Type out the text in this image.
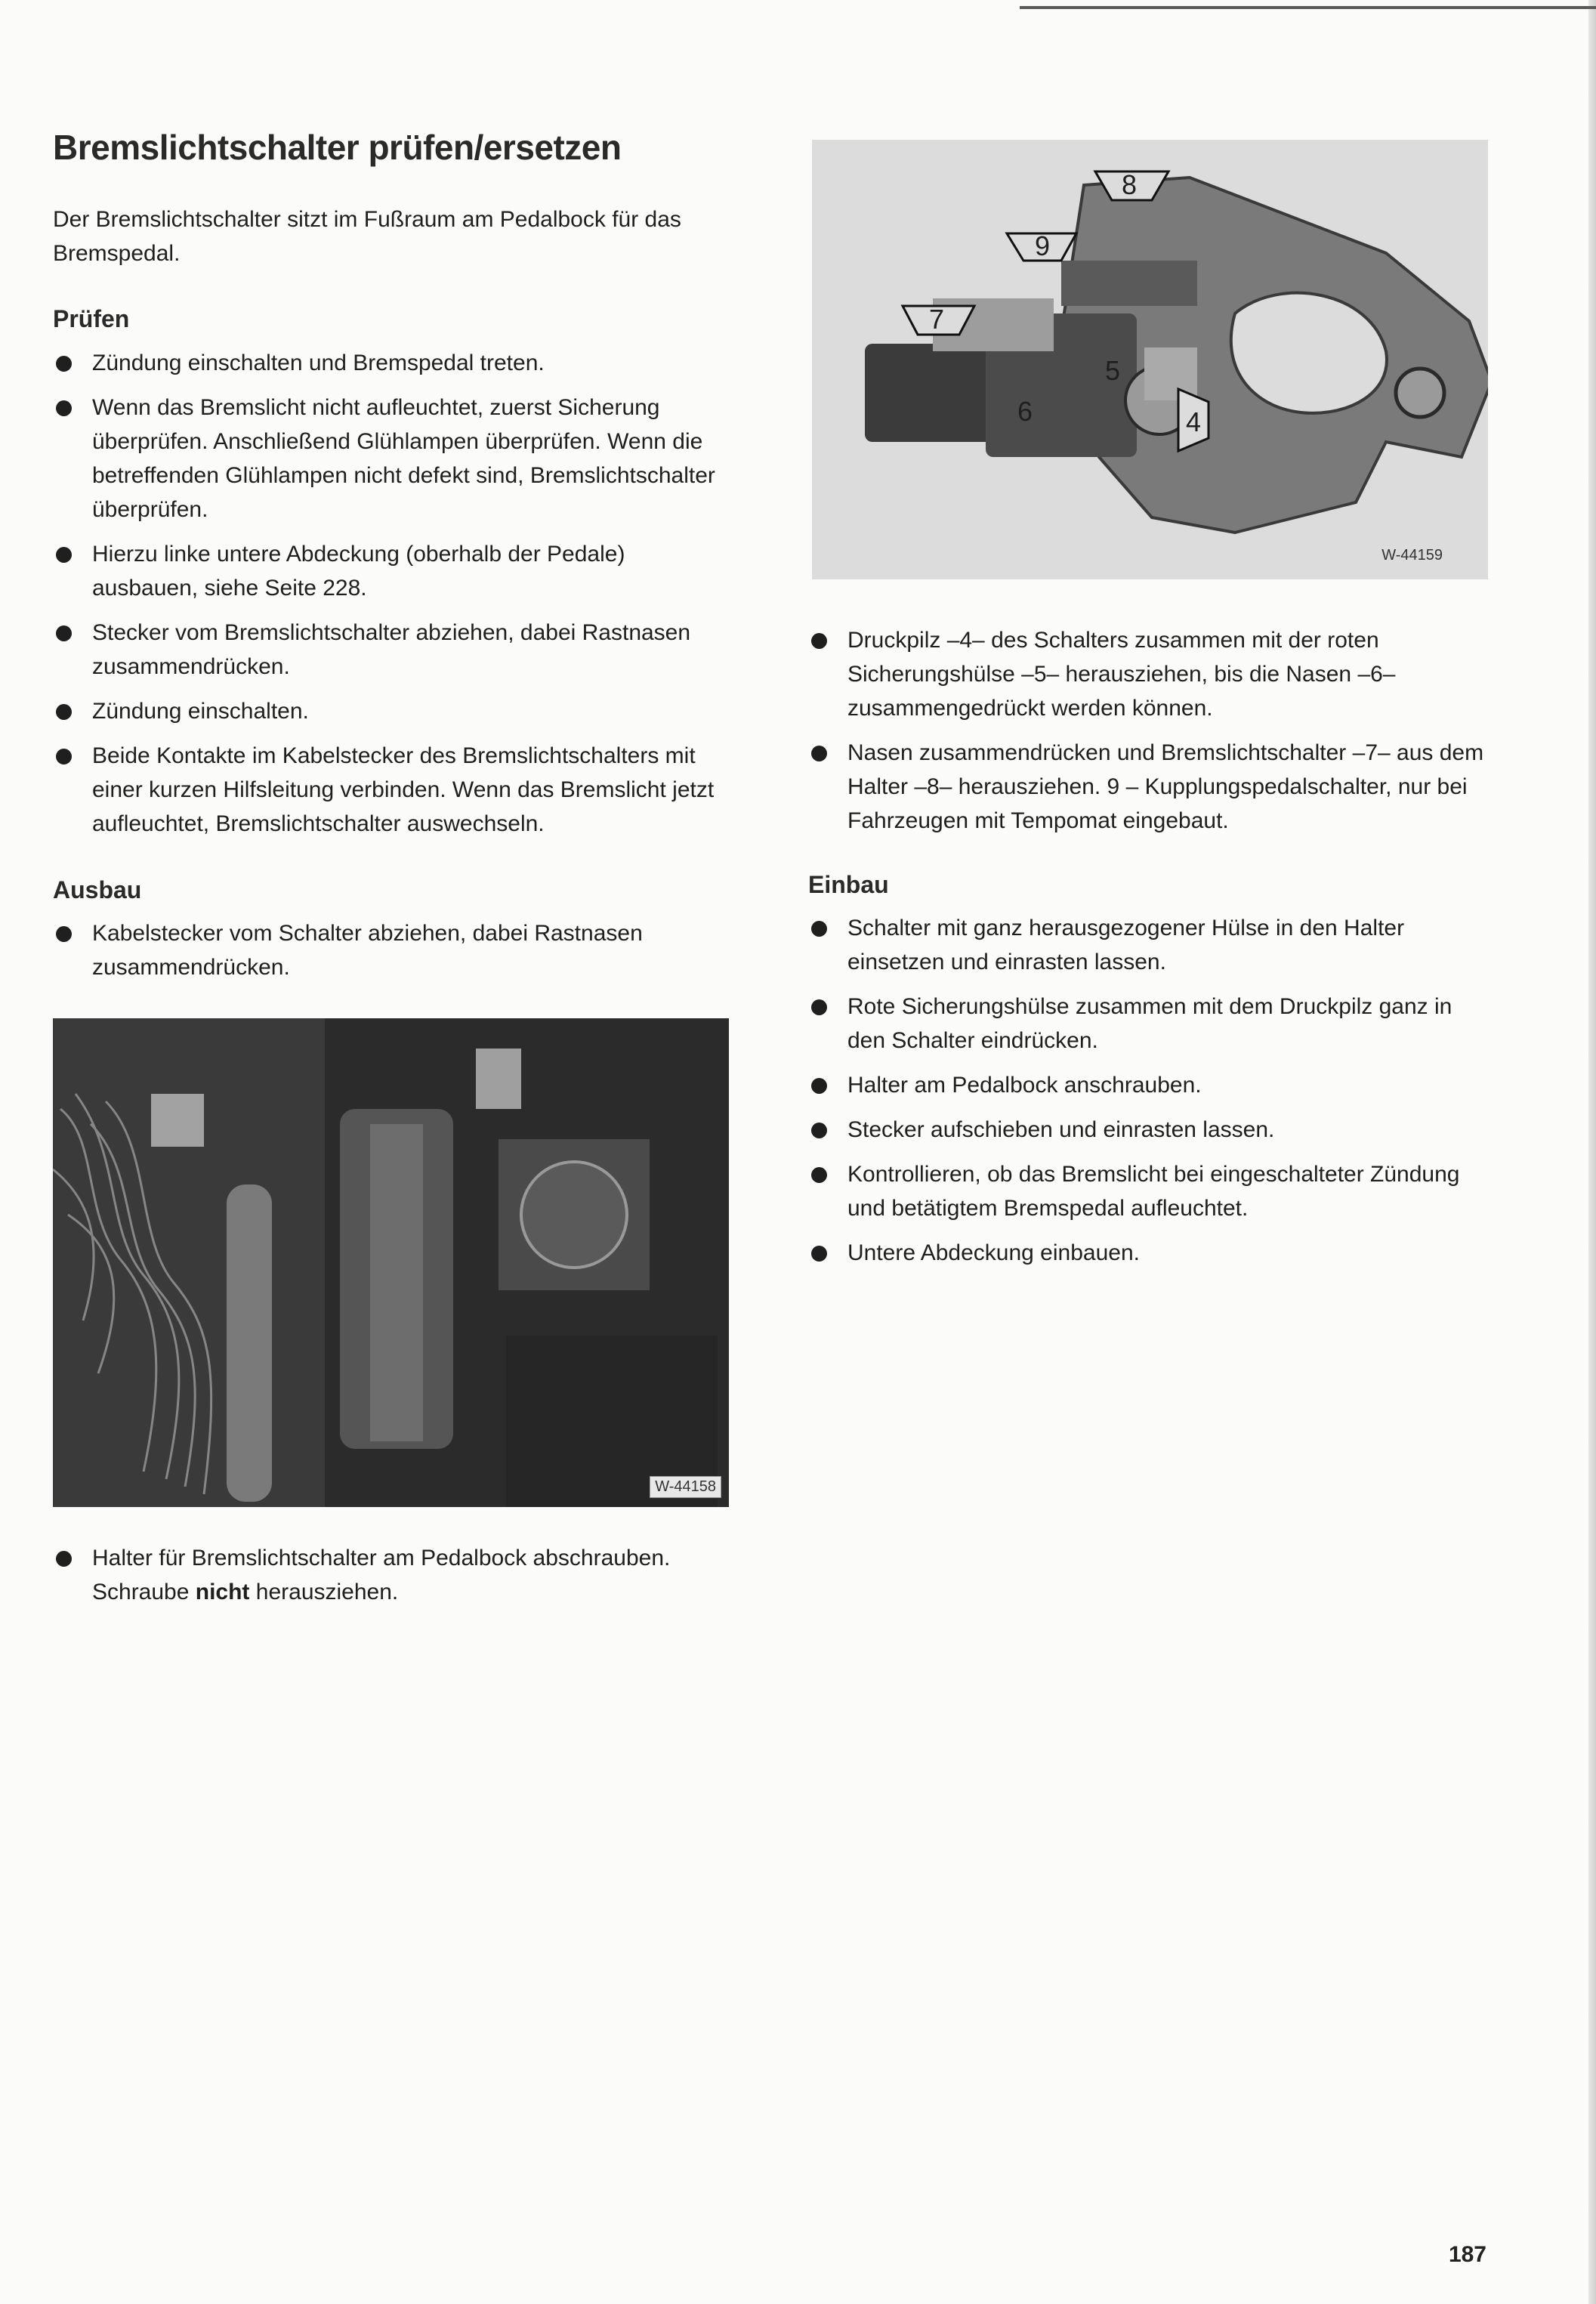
Bremslichtschalter prüfen/ersetzen

Der Bremslichtschalter sitzt im Fußraum am Pedalbock für das Bremspedal.

Prüfen

Zündung einschalten und Bremspedal treten.
Wenn das Bremslicht nicht aufleuchtet, zuerst Sicherung überprüfen. Anschließend Glühlampen überprüfen. Wenn die betreffenden Glühlampen nicht defekt sind, Bremslichtschalter überprüfen.
Hierzu linke untere Abdeckung (oberhalb der Pedale) ausbauen, siehe Seite 228.
Stecker vom Bremslichtschalter abziehen, dabei Rastnasen zusammendrücken.
Zündung einschalten.
Beide Kontakte im Kabelstecker des Bremslichtschalters mit einer kurzen Hilfsleitung verbinden. Wenn das Bremslicht jetzt aufleuchtet, Bremslichtschalter auswechseln.

Ausbau

Kabelstecker vom Schalter abziehen, dabei Rastnasen zusammendrücken.
W-44158
Halter für Bremslichtschalter am Pedalbock abschrauben. Schraube nicht herausziehen.
8
9
7
5
6	4
W-44159
Druckpilz –4– des Schalters zusammen mit der roten Sicherungshülse –5– herausziehen, bis die Nasen –6– zusammengedrückt werden können.
Nasen zusammendrücken und Bremslichtschalter –7– aus dem Halter –8– herausziehen. 9 – Kupplungspedalschalter, nur bei Fahrzeugen mit Tempomat eingebaut.

Einbau

Schalter mit ganz herausgezogener Hülse in den Halter einsetzen und einrasten lassen.
Rote Sicherungshülse zusammen mit dem Druckpilz ganz in den Schalter eindrücken.
Halter am Pedalbock anschrauben.
Stecker aufschieben und einrasten lassen.
Kontrollieren, ob das Bremslicht bei eingeschalteter Zündung und betätigtem Bremspedal aufleuchtet.
Untere Abdeckung einbauen.
187
